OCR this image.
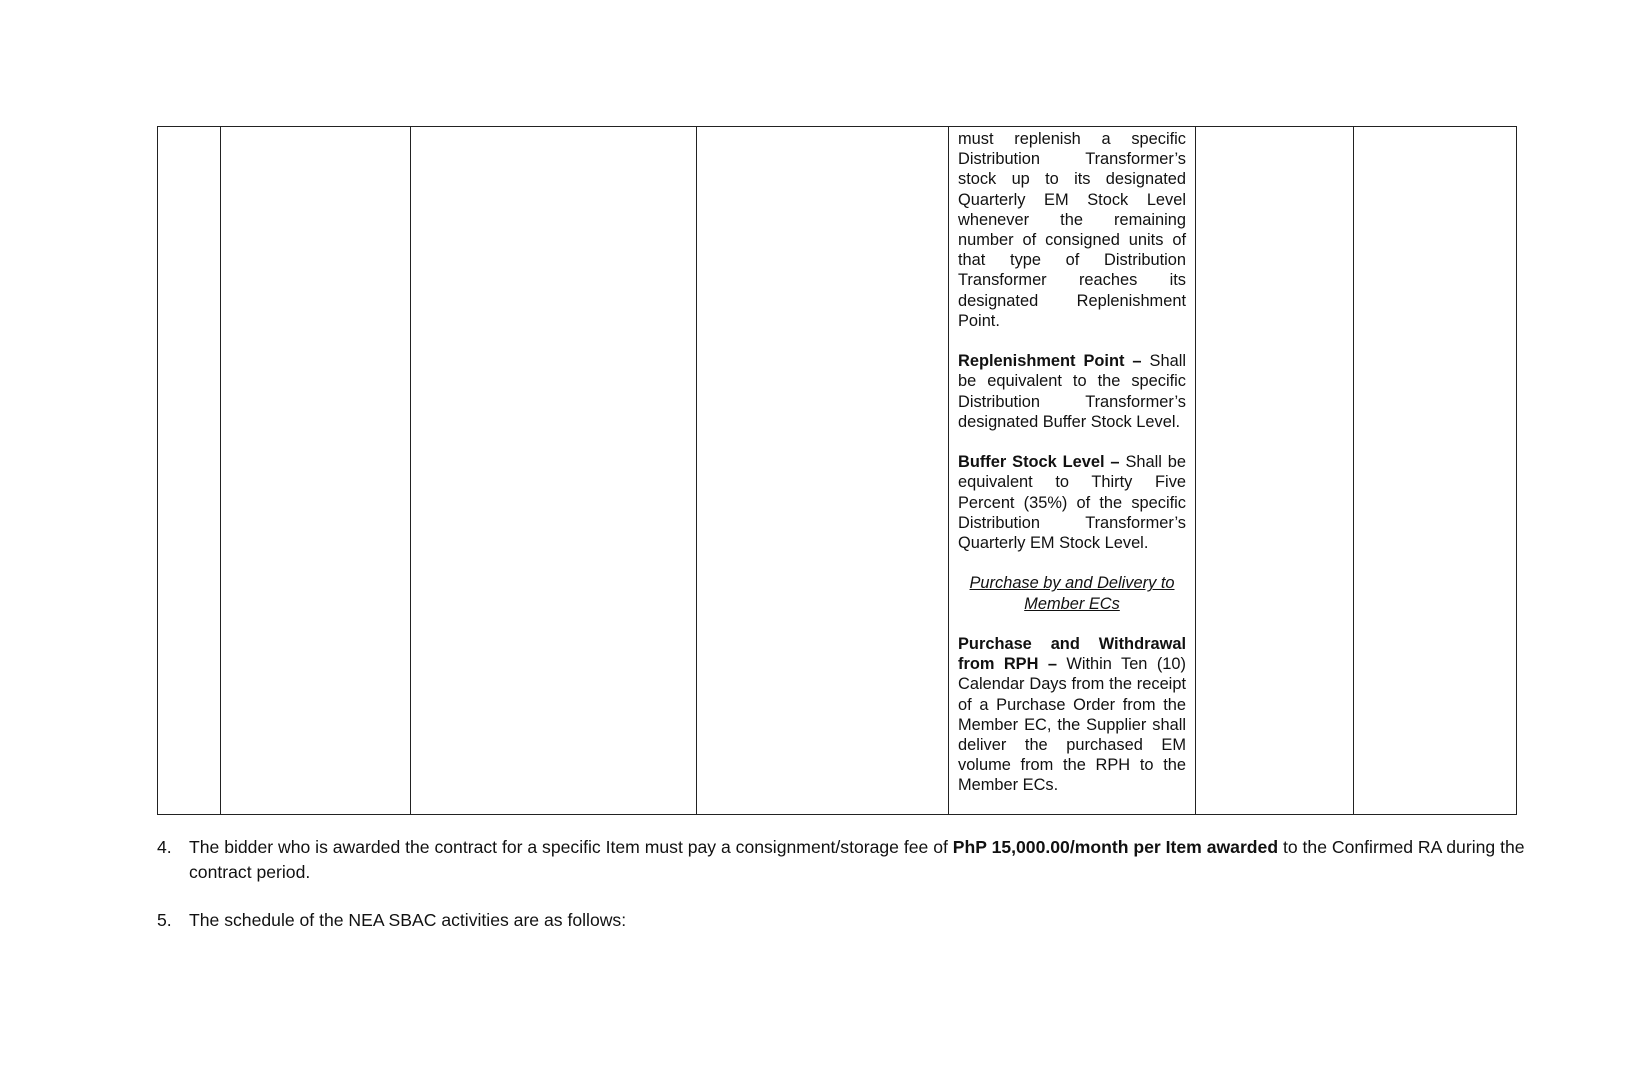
must replenish a specific Distribution Transformer’s stock up to its designated Quarterly EM Stock Level whenever the remaining number of consigned units of that type of Distribution Transformer reaches its designated Replenishment Point.
Replenishment Point – Shall be equivalent to the specific Distribution Transformer’s designated Buffer Stock Level.
Buffer Stock Level – Shall be equivalent to Thirty Five Percent (35%) of the specific Distribution Transformer’s Quarterly EM Stock Level.
Purchase by and Delivery to Member ECs
Purchase and Withdrawal from RPH – Within Ten (10) Calendar Days from the receipt of a Purchase Order from the Member EC, the Supplier shall deliver the purchased EM volume from the RPH to the Member ECs.

4. The bidder who is awarded the contract for a specific Item must pay a consignment/storage fee of PhP 15,000.00/month per Item awarded to the Confirmed RA during the contract period.
5. The schedule of the NEA SBAC activities are as follows:
